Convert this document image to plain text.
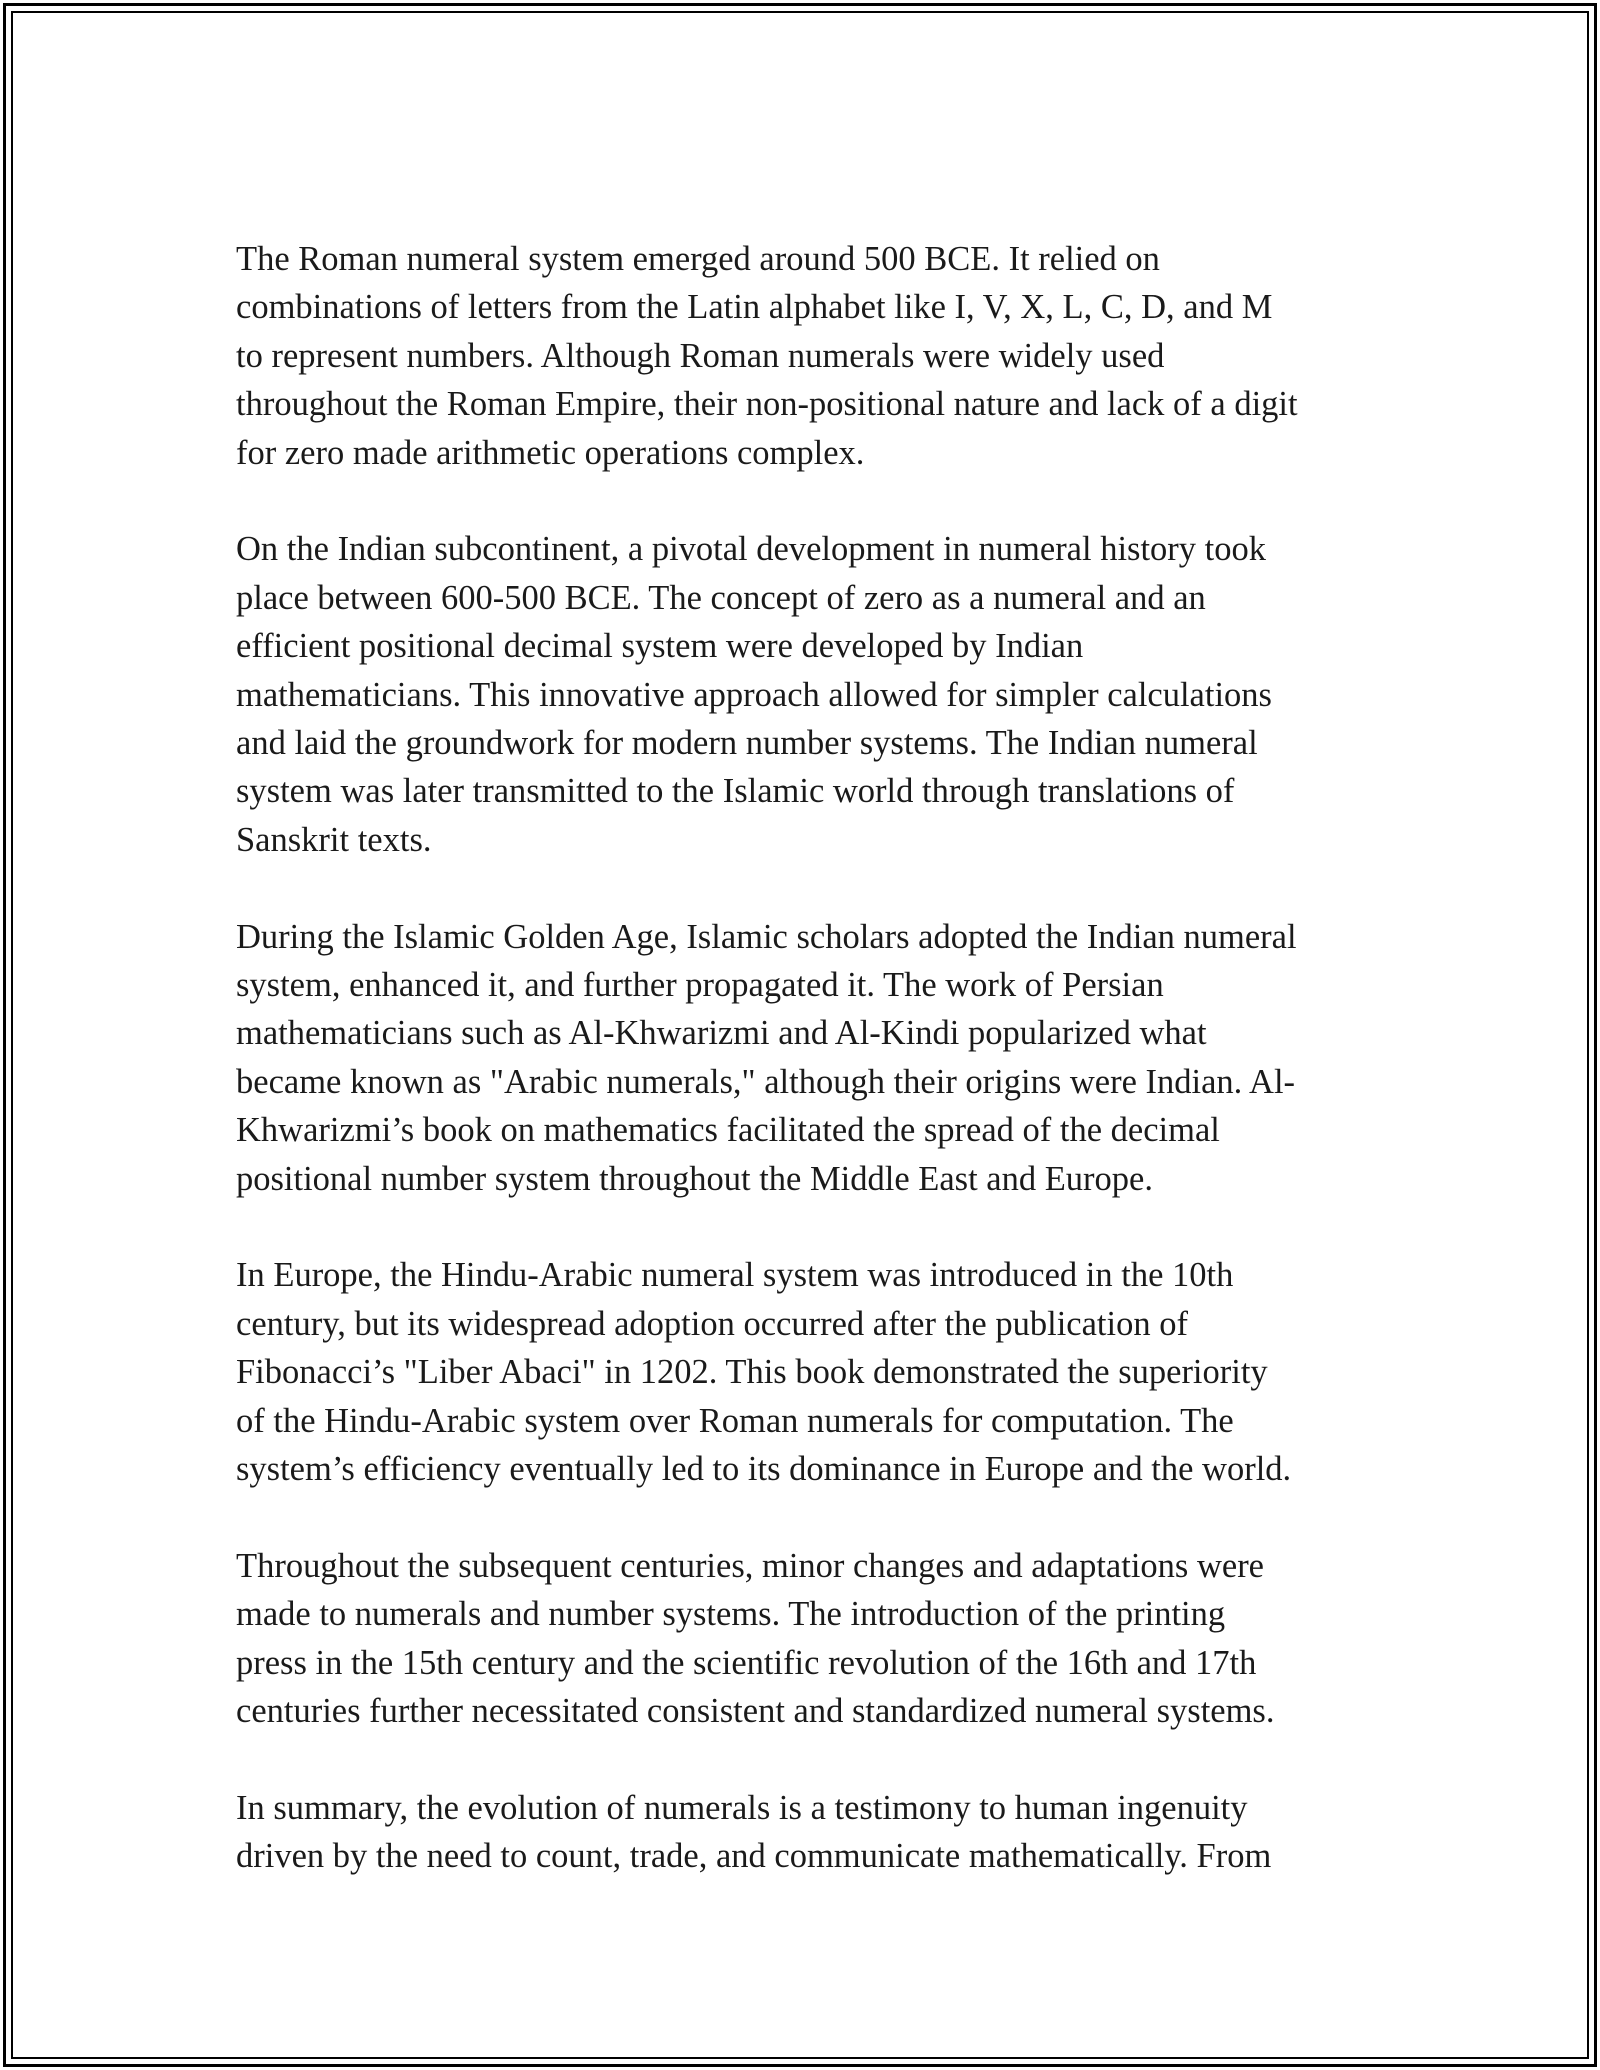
The Roman numeral system emerged around 500 BCE. It relied on
combinations of letters from the Latin alphabet like I, V, X, L, C, D, and M
to represent numbers. Although Roman numerals were widely used
throughout the Roman Empire, their non-positional nature and lack of a digit
for zero made arithmetic operations complex.

On the Indian subcontinent, a pivotal development in numeral history took
place between 600-500 BCE. The concept of zero as a numeral and an
efficient positional decimal system were developed by Indian
mathematicians. This innovative approach allowed for simpler calculations
and laid the groundwork for modern number systems. The Indian numeral
system was later transmitted to the Islamic world through translations of
Sanskrit texts.

During the Islamic Golden Age, Islamic scholars adopted the Indian numeral
system, enhanced it, and further propagated it. The work of Persian
mathematicians such as Al-Khwarizmi and Al-Kindi popularized what
became known as "Arabic numerals," although their origins were Indian. Al-
Khwarizmi’s book on mathematics facilitated the spread of the decimal
positional number system throughout the Middle East and Europe.

In Europe, the Hindu-Arabic numeral system was introduced in the 10th
century, but its widespread adoption occurred after the publication of
Fibonacci’s "Liber Abaci" in 1202. This book demonstrated the superiority
of the Hindu-Arabic system over Roman numerals for computation. The
system’s efficiency eventually led to its dominance in Europe and the world.

Throughout the subsequent centuries, minor changes and adaptations were
made to numerals and number systems. The introduction of the printing
press in the 15th century and the scientific revolution of the 16th and 17th
centuries further necessitated consistent and standardized numeral systems.

In summary, the evolution of numerals is a testimony to human ingenuity
driven by the need to count, trade, and communicate mathematically. From
